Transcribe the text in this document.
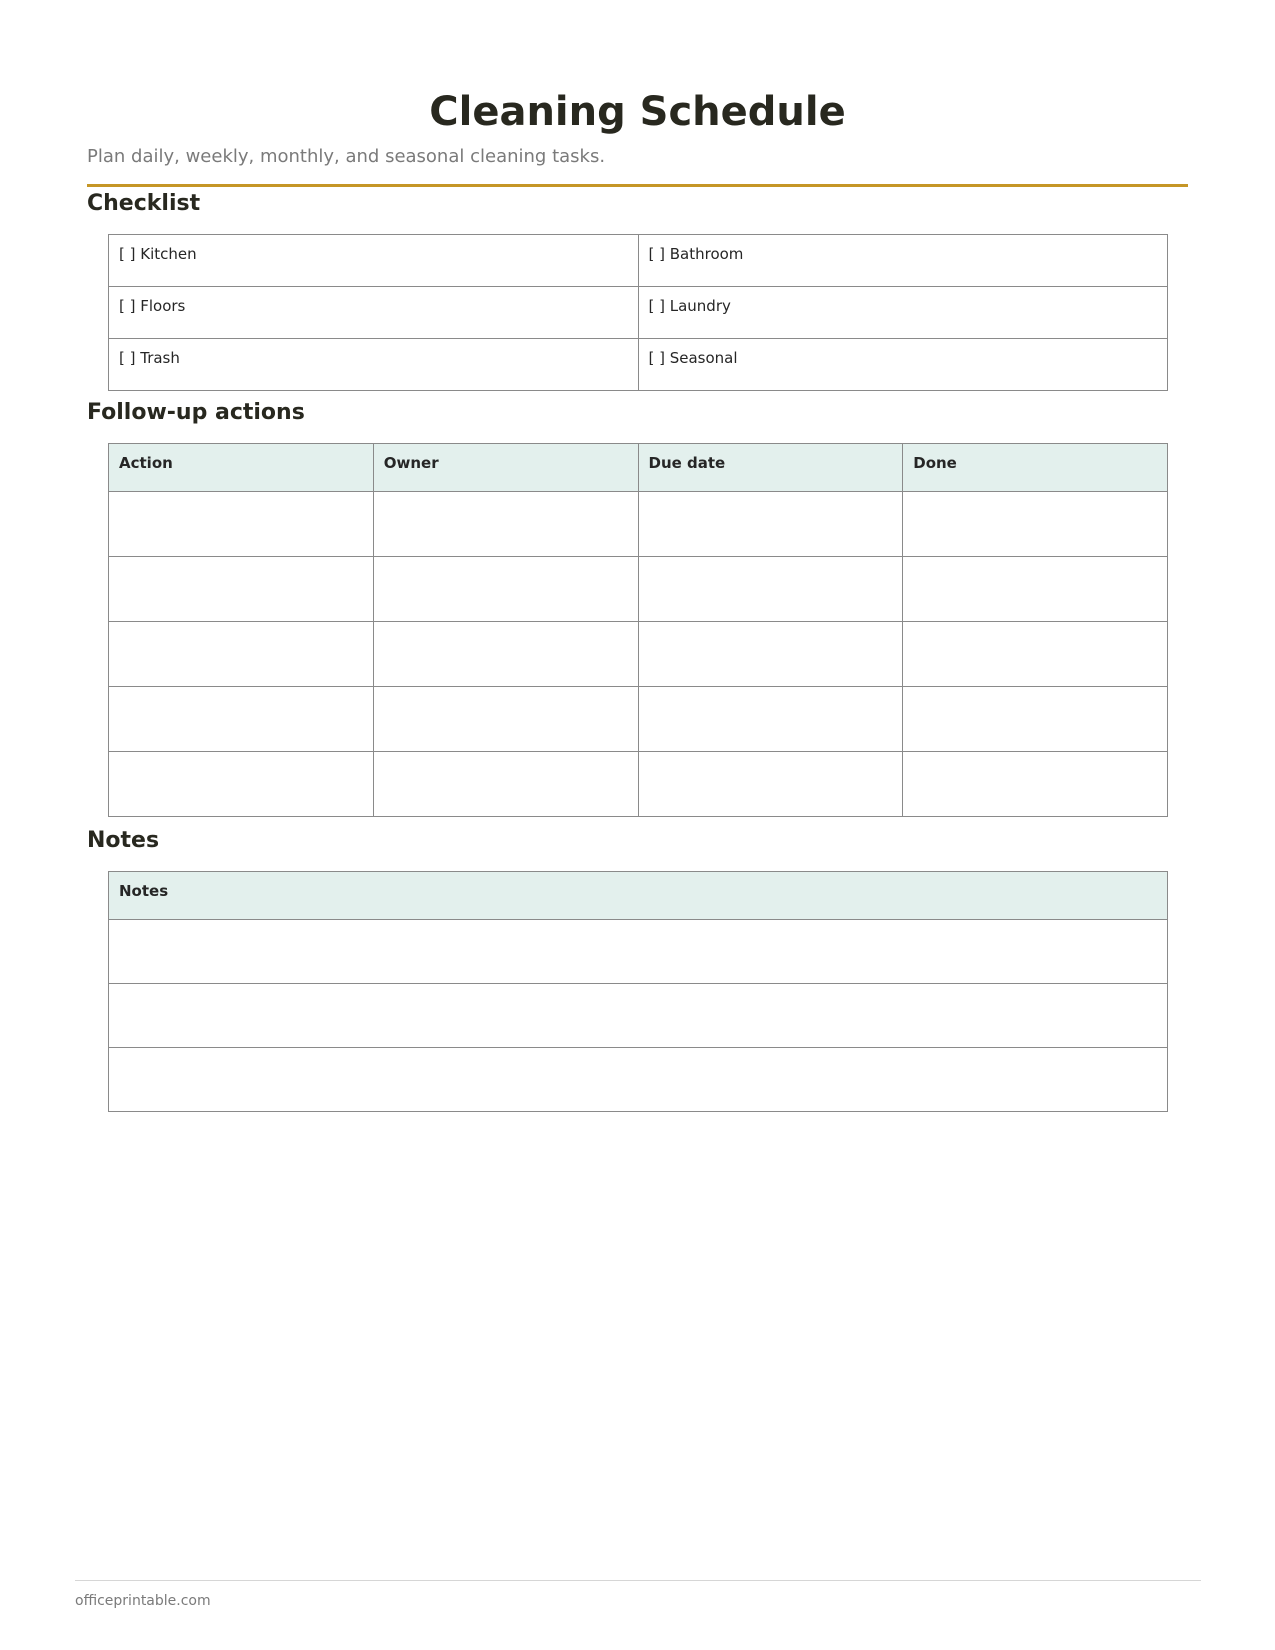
Cleaning Schedule

Plan daily, weekly, monthly, and seasonal cleaning tasks.

Checklist
[ ] Kitchen	[ ] Bathroom
[ ] Floors	[ ] Laundry
[ ] Trash	[ ] Seasonal
Follow-up actions
Action	Owner	Due date	Done

Notes
Notes

officeprintable.com
